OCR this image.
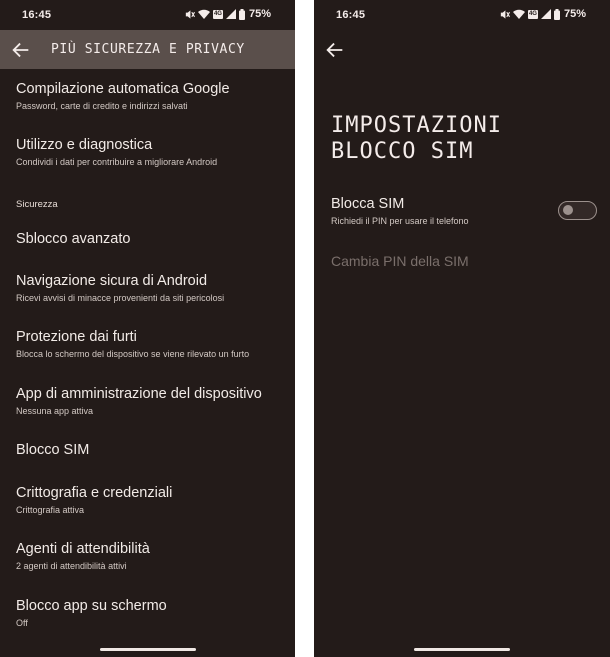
16:45	4G 75%
PIÙ SICUREZZA E PRIVACY
Compilazione automatica Google
Password, carte di credito e indirizzi salvati
Utilizzo e diagnostica
Condividi i dati per contribuire a migliorare Android
Sicurezza
Sblocco avanzato
Navigazione sicura di Android
Ricevi avvisi di minacce provenienti da siti pericolosi
Protezione dai furti
Blocca lo schermo del dispositivo se viene rilevato un furto
App di amministrazione del dispositivo
Nessuna app attiva
Blocco SIM
Crittografia e credenziali
Crittografia attiva
Agenti di attendibilità
2 agenti di attendibilità attivi
Blocco app su schermo
Off
16:45	4G 75%
IMPOSTAZIONI
BLOCCO SIM
Blocca SIM
Richiedi il PIN per usare il telefono
Cambia PIN della SIM
